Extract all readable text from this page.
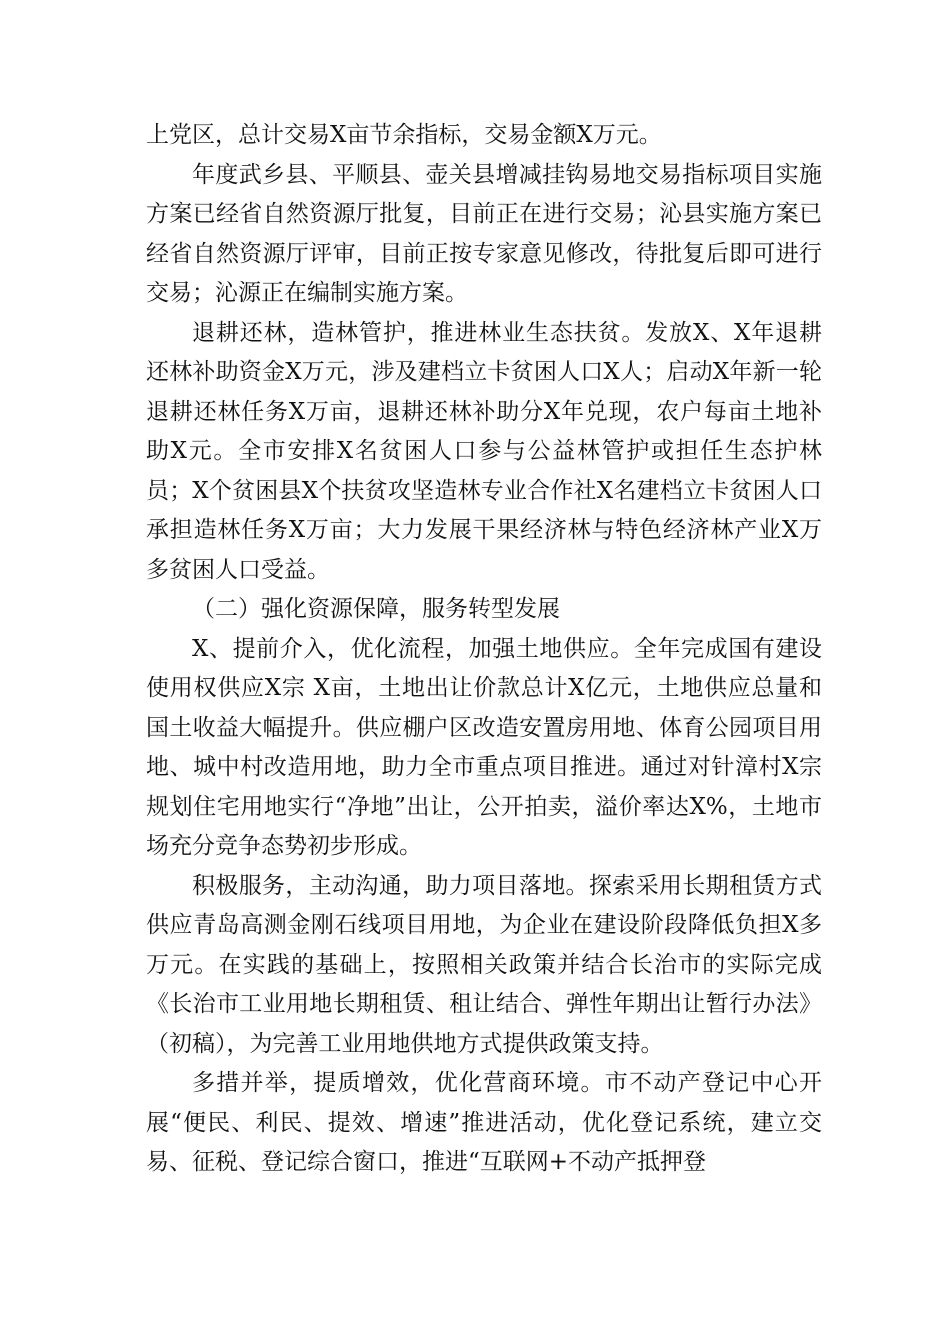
上党区，总计交易X亩节余指标，交易金额X万元。

年度武乡县、平顺县、壶关县增减挂钩易地交易指标项目实施方案已经省自然资源厅批复，目前正在进行交易；沁县实施方案已经省自然资源厅评审，目前正按专家意见修改，待批复后即可进行交易；沁源正在编制实施方案。

退耕还林，造林管护，推进林业生态扶贫。发放X、X年退耕还林补助资金X万元，涉及建档立卡贫困人口X人；启动X年新一轮退耕还林任务X万亩，退耕还林补助分X年兑现，农户每亩土地补助X元。全市安排X名贫困人口参与公益林管护或担任生态护林员；X个贫困县X个扶贫攻坚造林专业合作社X名建档立卡贫困人口承担造林任务X万亩；大力发展干果经济林与特色经济林产业X万多贫困人口受益。

（二）强化资源保障，服务转型发展

X、提前介入，优化流程，加强土地供应。全年完成国有建设使用权供应X宗 X亩，土地出让价款总计X亿元，土地供应总量和国土收益大幅提升。供应棚户区改造安置房用地、体育公园项目用地、城中村改造用地，助力全市重点项目推进。通过对针漳村X宗规划住宅用地实行“净地”出让，公开拍卖，溢价率达X%，土地市场充分竞争态势初步形成。

积极服务，主动沟通，助力项目落地。探索采用长期租赁方式供应青岛高测金刚石线项目用地，为企业在建设阶段降低负担X多万元。在实践的基础上，按照相关政策并结合长治市的实际完成《长治市工业用地长期租赁、租让结合、弹性年期出让暂行办法》（初稿），为完善工业用地供地方式提供政策支持。

多措并举，提质增效，优化营商环境。市不动产登记中心开展“便民、利民、提效、增速”推进活动，优化登记系统，建立交易、征税、登记综合窗口，推进“互联网+不动产抵押登
